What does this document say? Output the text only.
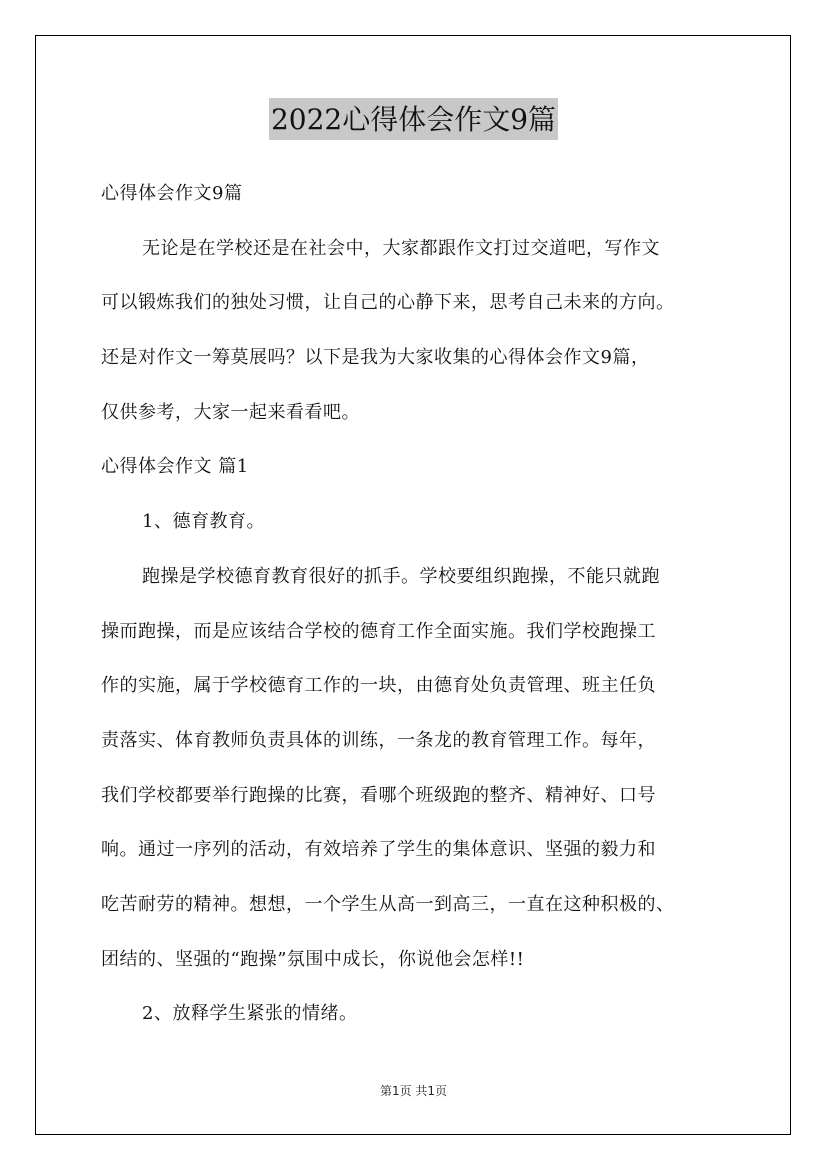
2022心得体会作文9篇
心得体会作文9篇
无论是在学校还是在社会中，大家都跟作文打过交道吧，写作文
可以锻炼我们的独处习惯，让自己的心静下来，思考自己未来的方向。
还是对作文一筹莫展吗？以下是我为大家收集的心得体会作文9篇，
仅供参考，大家一起来看看吧。
心得体会作文 篇1
1、德育教育。
跑操是学校德育教育很好的抓手。学校要组织跑操，不能只就跑
操而跑操，而是应该结合学校的德育工作全面实施。我们学校跑操工
作的实施，属于学校德育工作的一块，由德育处负责管理、班主任负
责落实、体育教师负责具体的训练，一条龙的教育管理工作。每年，
我们学校都要举行跑操的比赛，看哪个班级跑的整齐、精神好、口号
响。通过一序列的活动，有效培养了学生的集体意识、坚强的毅力和
吃苦耐劳的精神。想想，一个学生从高一到高三，一直在这种积极的、
团结的、坚强的“跑操”氛围中成长，你说他会怎样!!
2、放释学生紧张的情绪。
第1页 共1页
